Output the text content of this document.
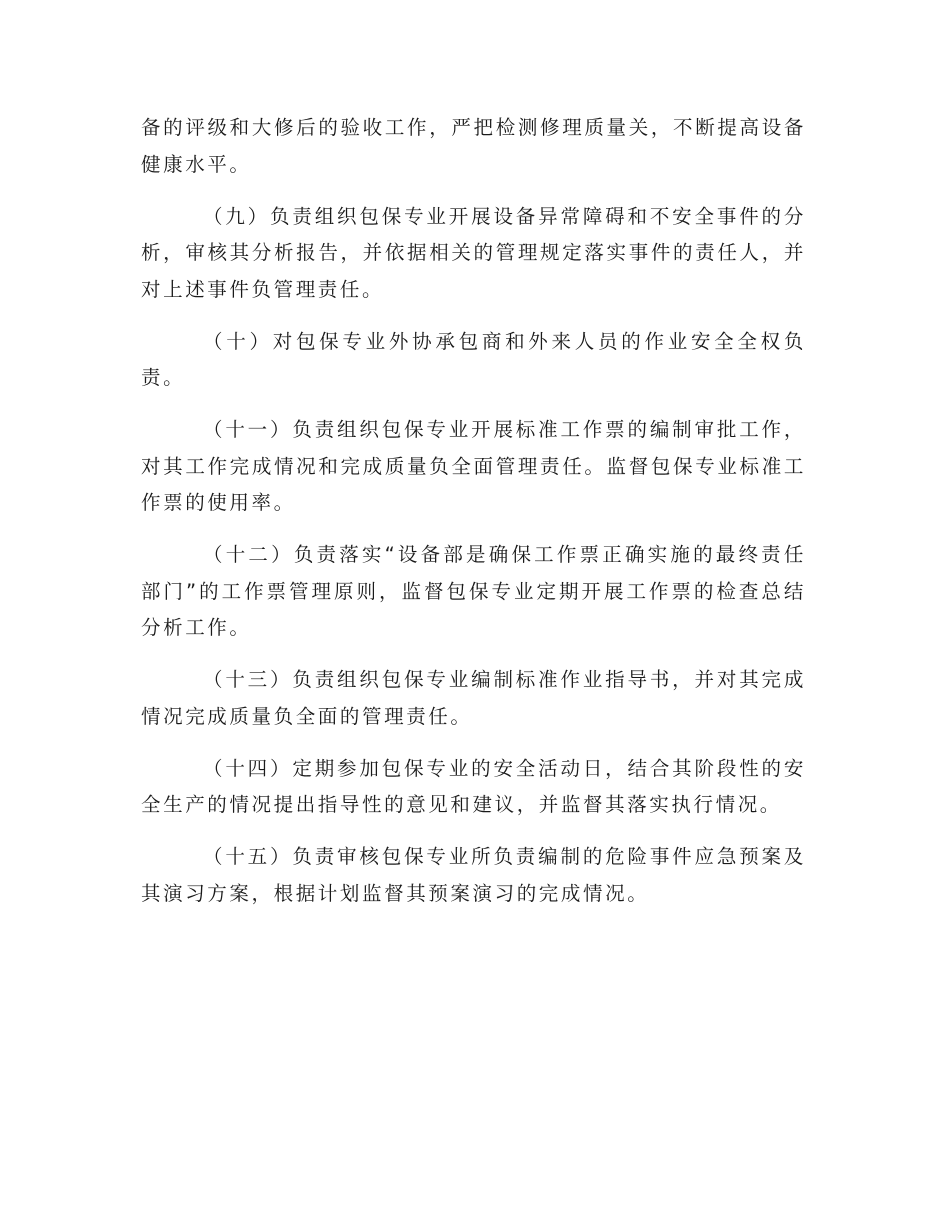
备的评级和大修后的验收工作，严把检测修理质量关，不断提高设备健康水平。

（九）负责组织包保专业开展设备异常障碍和不安全事件的分析，审核其分析报告，并依据相关的管理规定落实事件的责任人，并对上述事件负管理责任。

（十）对包保专业外协承包商和外来人员的作业安全全权负责。

（十一）负责组织包保专业开展标准工作票的编制审批工作，对其工作完成情况和完成质量负全面管理责任。监督包保专业标准工作票的使用率。

（十二）负责落实“设备部是确保工作票正确实施的最终责任部门”的工作票管理原则，监督包保专业定期开展工作票的检查总结分析工作。

（十三）负责组织包保专业编制标准作业指导书，并对其完成情况完成质量负全面的管理责任。

（十四）定期参加包保专业的安全活动日，结合其阶段性的安全生产的情况提出指导性的意见和建议，并监督其落实执行情况。

（十五）负责审核包保专业所负责编制的危险事件应急预案及其演习方案，根据计划监督其预案演习的完成情况。
